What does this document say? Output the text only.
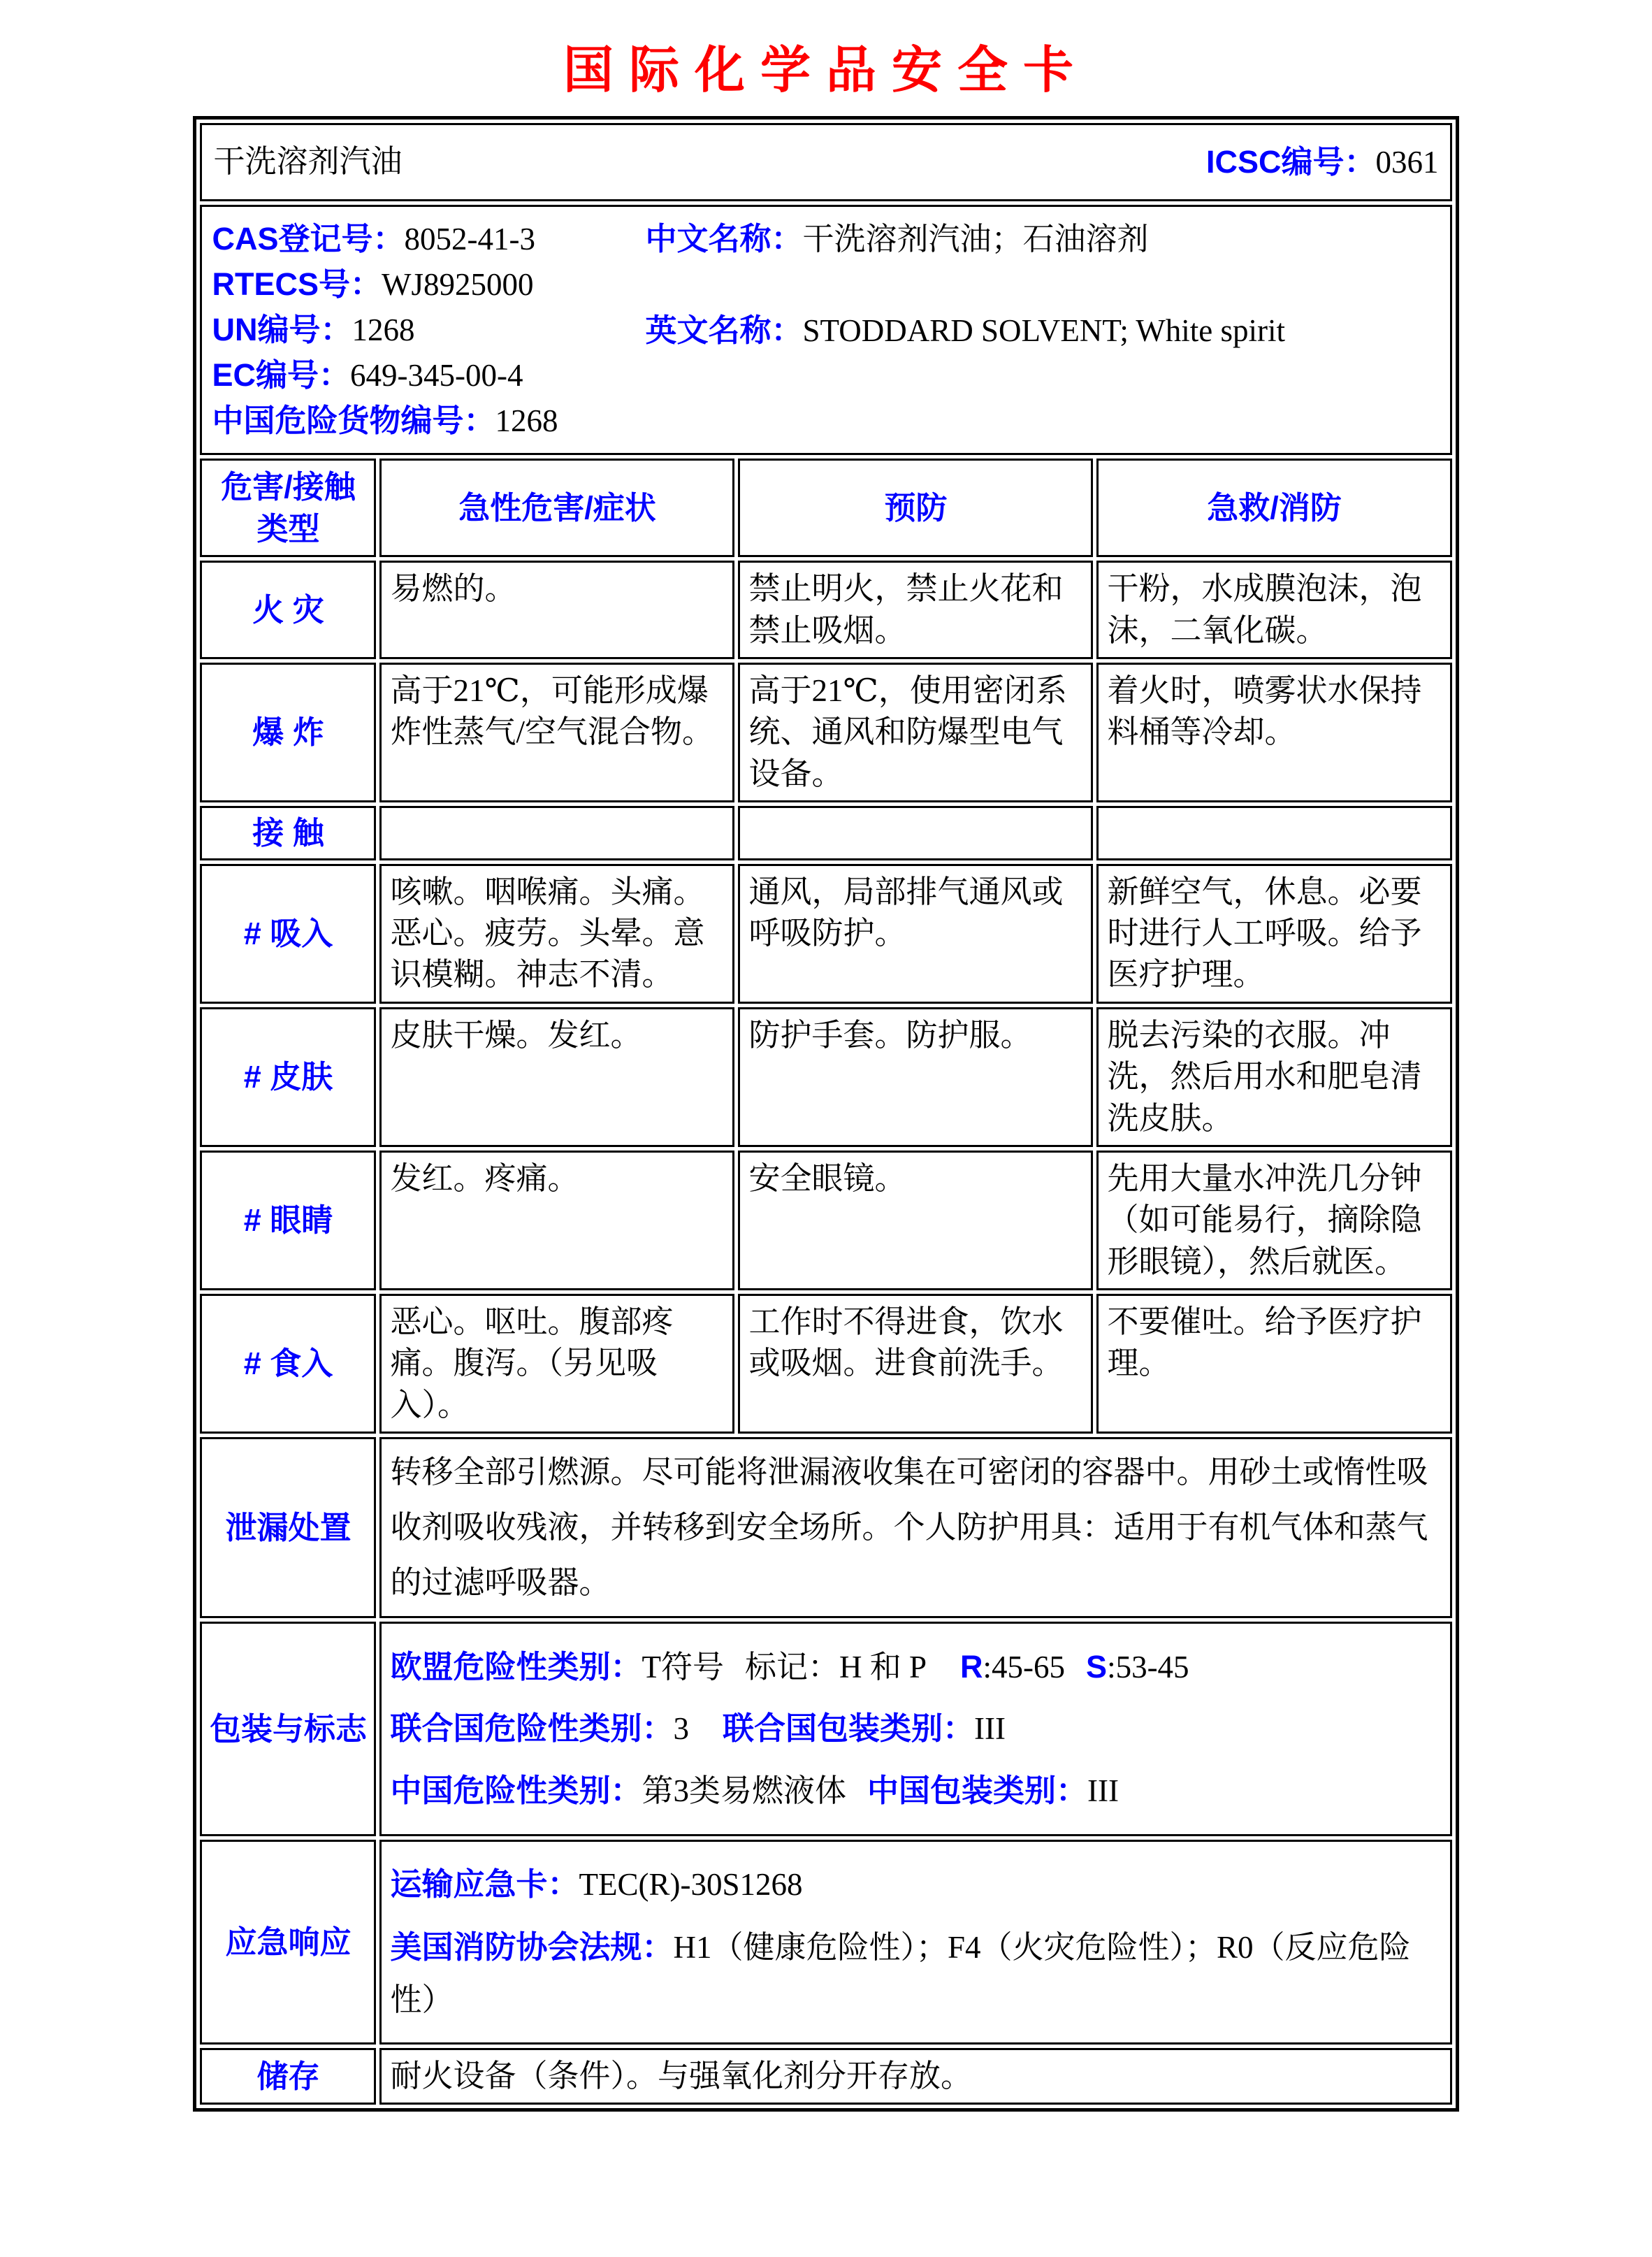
国际化学品安全卡
干洗溶剂汽油 ICSC编号：0361			

CAS登记号：8052-41-3
RTECS号：WJ8925000
UN编号：1268
EC编号：649-345-00-4
中国危险货物编号：1268
中文名称：干洗溶剂汽油；石油溶剂
英文名称：STODDARD SOLVENT; White spirit

危害/接触
类型	急性危害/症状	预防	急救/消防
火 灾	易燃的。	禁止明火，禁止火花和禁止吸烟。	干粉，水成膜泡沫，泡沫，二氧化碳。
爆 炸	高于21℃，可能形成爆炸性蒸气/空气混合物。	高于21℃，使用密闭系统、通风和防爆型电气设备。	着火时，喷雾状水保持料桶等冷却。
接 触			
# 吸入	咳嗽。咽喉痛。头痛。恶心。疲劳。头晕。意识模糊。神志不清。	通风，局部排气通风或呼吸防护。	新鲜空气，休息。必要时进行人工呼吸。给予医疗护理。
# 皮肤	皮肤干燥。发红。	防护手套。防护服。	脱去污染的衣服。冲洗，然后用水和肥皂清洗皮肤。
# 眼睛	发红。疼痛。	安全眼镜。	先用大量水冲洗几分钟（如可能易行，摘除隐形眼镜），然后就医。
# 食入	恶心。呕吐。腹部疼痛。腹泻。（另见吸入）。	工作时不得进食，饮水或吸烟。进食前洗手。	不要催吐。给予医疗护理。
泄漏处置	转移全部引燃源。尽可能将泄漏液收集在可密闭的容器中。用砂土或惰性吸收剂吸收残液，并转移到安全场所。个人防护用具：适用于有机气体和蒸气的过滤呼吸器。		

包装与标志	欧盟危险性类别：T符号 标记：H 和 P R:45-65 S:53-45

联合国危险性类别：3 联合国包装类别：III

中国危险性类别：第3类易燃液体 中国包装类别：III		

应急响应	运输应急卡：TEC(R)-30S1268

美国消防协会法规：H1（健康危险性）；F4（火灾危险性）；R0（反应危险性）		

储存	耐火设备（条件）。与强氧化剂分开存放。		
